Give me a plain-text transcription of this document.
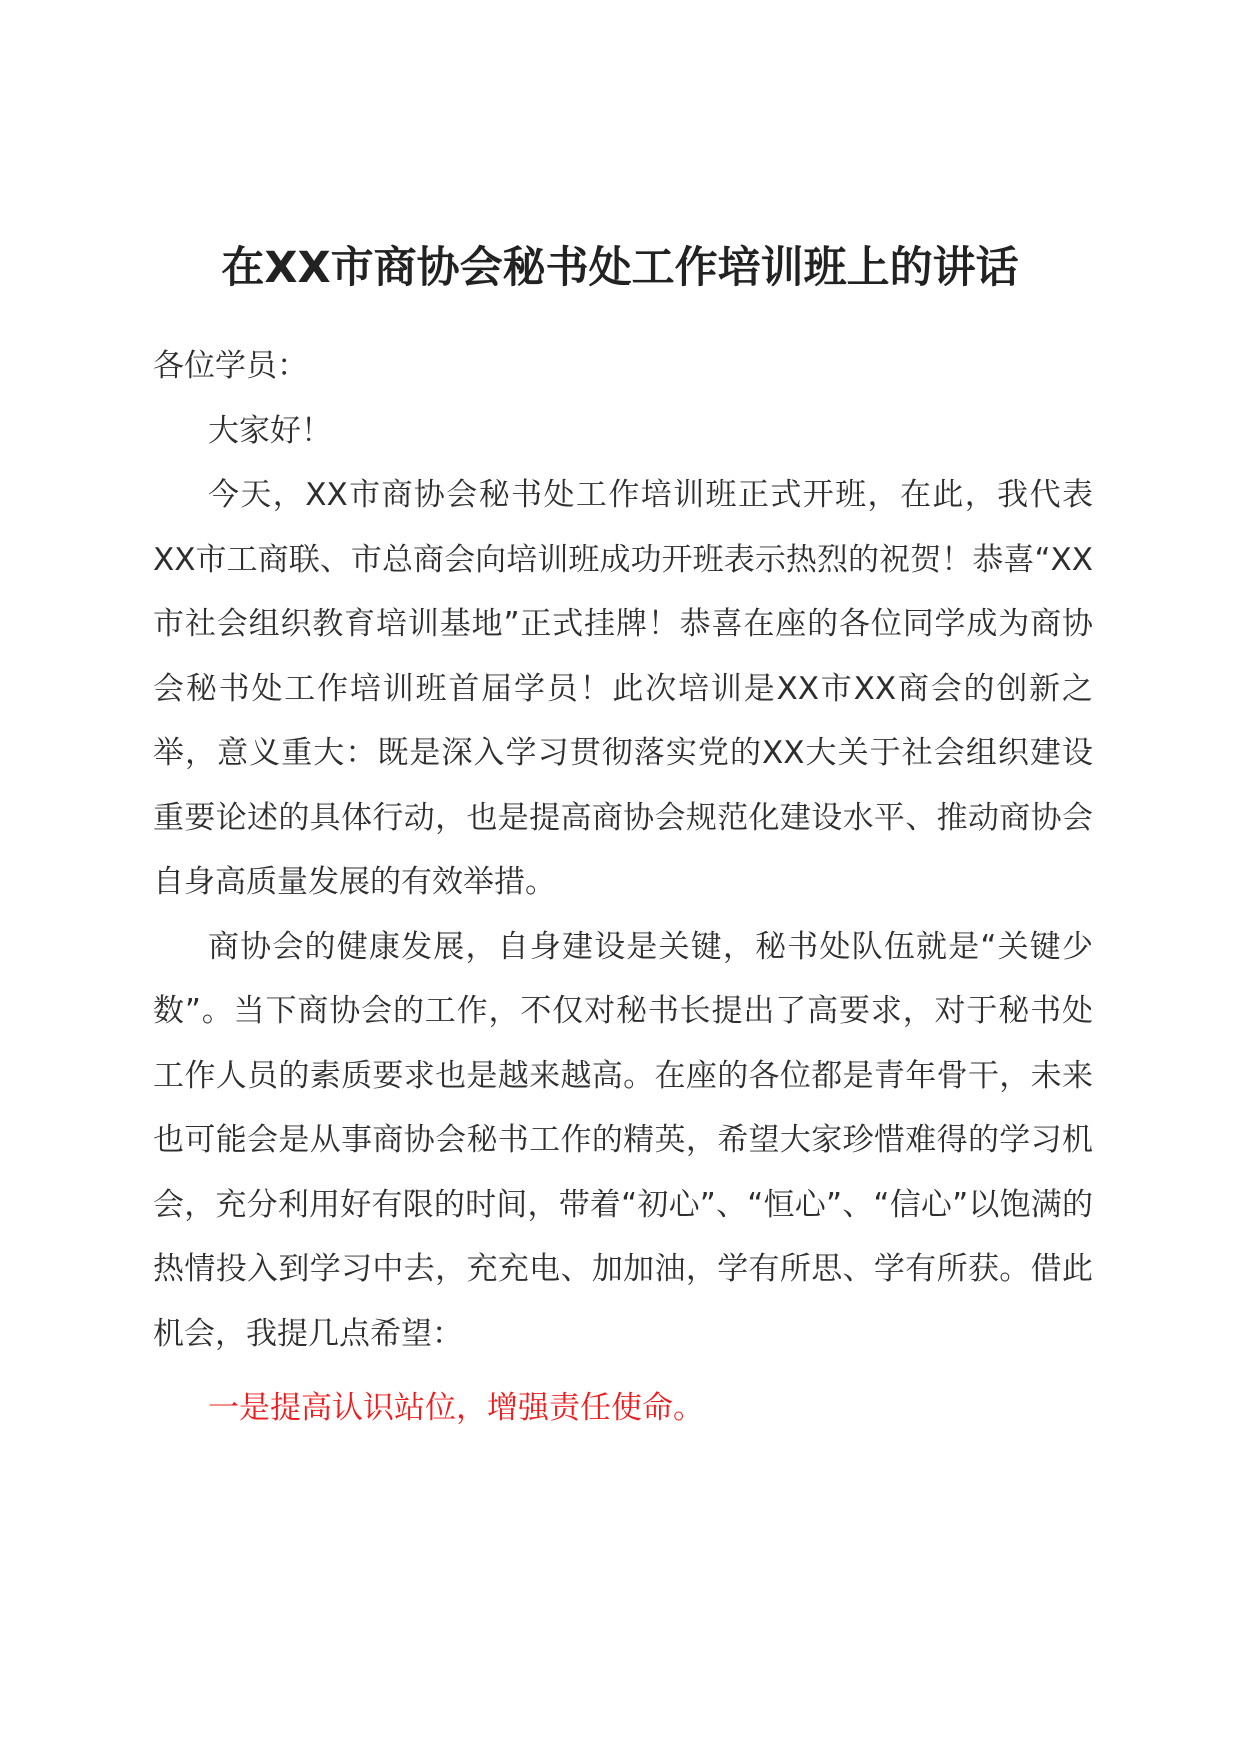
在XX市商协会秘书处工作培训班上的讲话

各位学员：

大家好！

今天，XX市商协会秘书处工作培训班正式开班，在此，我代表XX市工商联、市总商会向培训班成功开班表示热烈的祝贺！恭喜“XX市社会组织教育培训基地”正式挂牌！恭喜在座的各位同学成为商协会秘书处工作培训班首届学员！此次培训是XX市XX商会的创新之举，意义重大：既是深入学习贯彻落实党的XX大关于社会组织建设重要论述的具体行动，也是提高商协会规范化建设水平、推动商协会自身高质量发展的有效举措。

商协会的健康发展，自身建设是关键，秘书处队伍就是“关键少数”。当下商协会的工作，不仅对秘书长提出了高要求，对于秘书处工作人员的素质要求也是越来越高。在座的各位都是青年骨干，未来也可能会是从事商协会秘书工作的精英，希望大家珍惜难得的学习机会，充分利用好有限的时间，带着“初心”、“恒心”、“信心”以饱满的热情投入到学习中去，充充电、加加油，学有所思、学有所获。借此机会，我提几点希望：

一是提高认识站位，增强责任使命。
